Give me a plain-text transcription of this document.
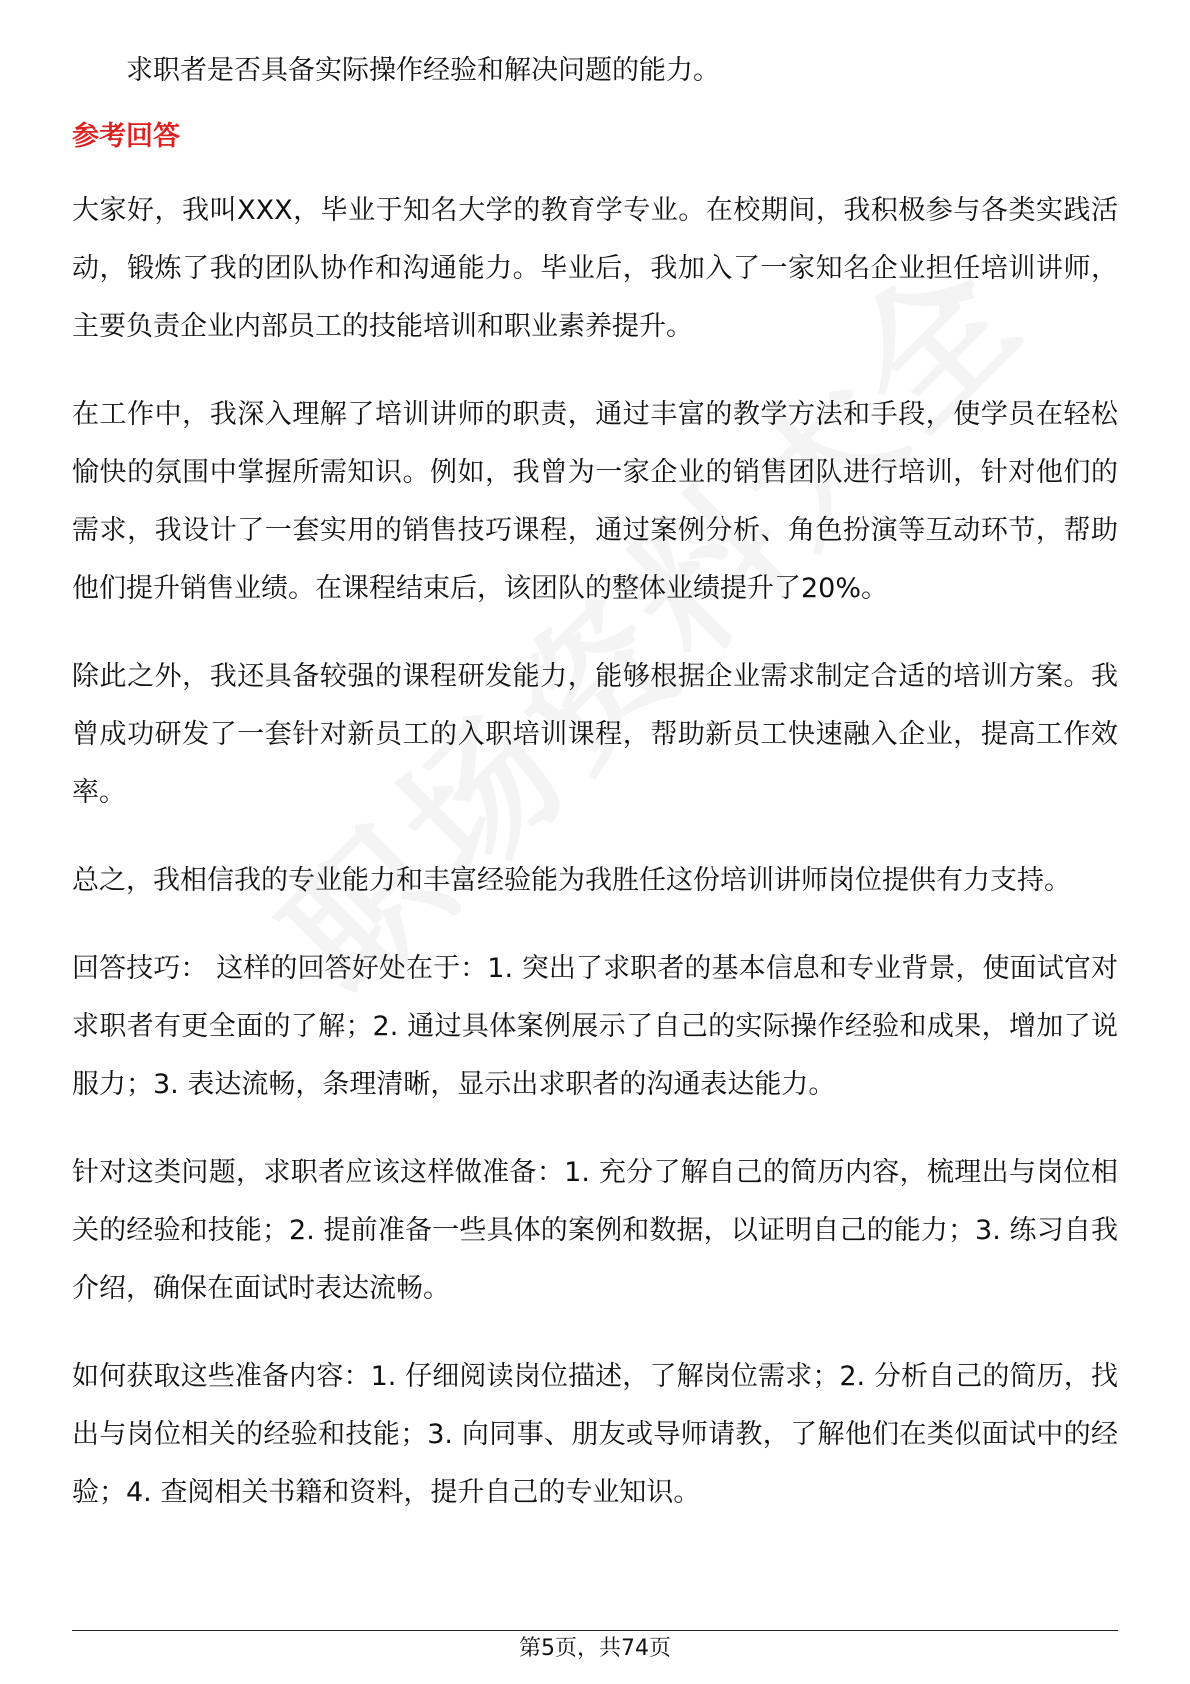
求职者是否具备实际操作经验和解决问题的能力。

参考回答

大家好，我叫XXX，毕业于知名大学的教育学专业。在校期间，我积极参与各类实践活动，锻炼了我的团队协作和沟通能力。毕业后，我加入了一家知名企业担任培训讲师，主要负责企业内部员工的技能培训和职业素养提升。

在工作中，我深入理解了培训讲师的职责，通过丰富的教学方法和手段，使学员在轻松愉快的氛围中掌握所需知识。例如，我曾为一家企业的销售团队进行培训，针对他们的需求，我设计了一套实用的销售技巧课程，通过案例分析、角色扮演等互动环节，帮助他们提升销售业绩。在课程结束后，该团队的整体业绩提升了20%。

除此之外，我还具备较强的课程研发能力，能够根据企业需求制定合适的培训方案。我曾成功研发了一套针对新员工的入职培训课程，帮助新员工快速融入企业，提高工作效率。

总之，我相信我的专业能力和丰富经验能为我胜任这份培训讲师岗位提供有力支持。

回答技巧： 这样的回答好处在于：1. 突出了求职者的基本信息和专业背景，使面试官对求职者有更全面的了解；2. 通过具体案例展示了自己的实际操作经验和成果，增加了说服力；3. 表达流畅，条理清晰，显示出求职者的沟通表达能力。

针对这类问题，求职者应该这样做准备：1. 充分了解自己的简历内容，梳理出与岗位相关的经验和技能；2. 提前准备一些具体的案例和数据，以证明自己的能力；3. 练习自我介绍，确保在面试时表达流畅。

如何获取这些准备内容：1. 仔细阅读岗位描述，了解岗位需求；2. 分析自己的简历，找出与岗位相关的经验和技能；3. 向同事、朋友或导师请教，了解他们在类似面试中的经验；4. 查阅相关书籍和资料，提升自己的专业知识。

第5页，共74页
